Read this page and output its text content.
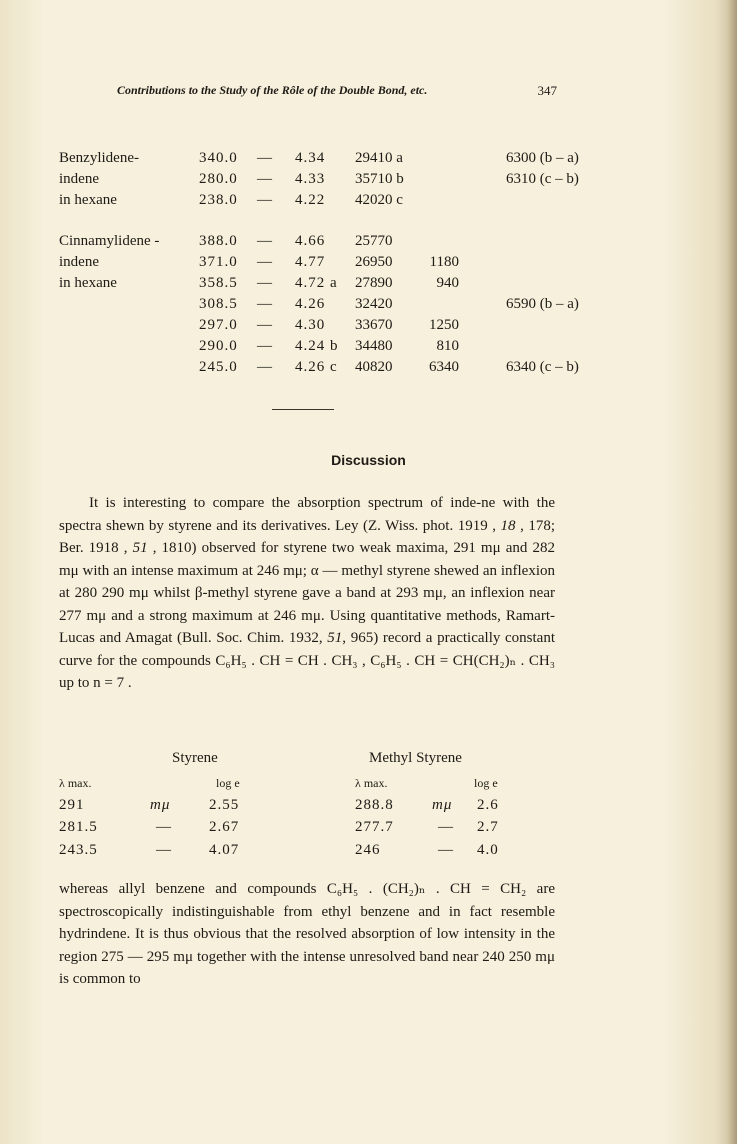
Contributions to the Study of the Rôle of the Double Bond, etc.	347
Benzylidene-	340.0 — 4.34 29410 a	6300 (b – a)
indene	280.0 — 4.33 35710 b	6310 (c – b)
in hexane	238.0 — 4.22 42020 c
Cinnamylidene -	388.0 — 4.66 25770
indene	371.0 — 4.77 26950 1180
in hexane	358.5 — 4.72 a 27890	940
308.5 — 4.26 32420	6590 (b – a)
297.0 — 4.30 33670 1250
290.0 — 4.24 b 34480	810
245.0 — 4.26 c 40820 6340	6340 (c – b)
Discussion

It is interesting to compare the absorption spectrum of inde-ne with the spectra shewn by styrene and its derivatives. Ley (Z. Wiss. phot. 1919 , 18 , 178; Ber. 1918 , 51 , 1810) observed for styrene two weak maxima, 291 mμ and 282 mμ with an intense maximum at 246 mμ; α — methyl styrene shewed an inflexion at 280 290 mμ whilst β-methyl styrene gave a band at 293 mμ, an inflexion near 277 mμ and a strong maximum at 246 mμ. Using quantitative methods, Ramart-Lucas and Amagat (Bull. Soc. Chim. 1932, 51, 965) record a practically constant curve for the compounds C₆H₅ . CH = CH . CH₃ , C₆H₅ . CH = CH(CH₂)ₙ . CH₃ up to n = 7 .

Styrene	Methyl Styrene
λ max.	log e	λ max.	log e
291	mμ	2.55	288.8	mμ 2.6
281.5	— 2.67	277.7	— 2.7
243.5	— 4.07	246	— 4.0

whereas allyl benzene and compounds C₆H₅ . (CH₂)ₙ . CH = CH₂ are spectroscopically indistinguishable from ethyl benzene and in fact resemble hydrindene. It is thus obvious that the resolved absorption of low intensity in the region 275 — 295 mμ together with the intense unresolved band near 240 250 mμ is common to
